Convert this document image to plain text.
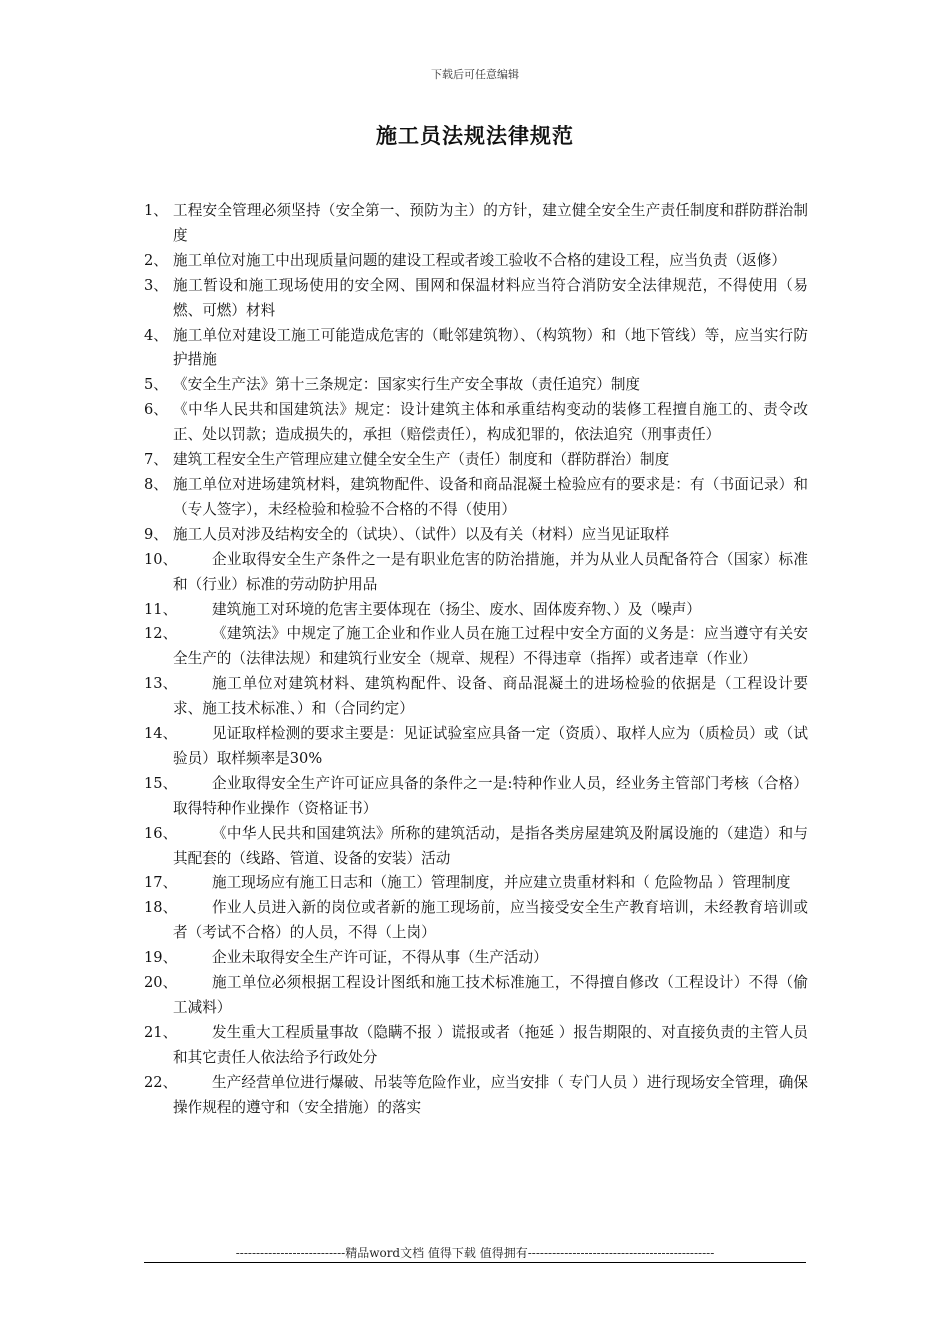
下载后可任意编辑
施工员法规法律规范
1、 工程安全管理必须坚持（安全第一、预防为主）的方针，建立健全安全生产责任制度和群防群治制度
2、 施工单位对施工中出现质量问题的建设工程或者竣工验收不合格的建设工程，应当负责（返修）
3、 施工暂设和施工现场使用的安全网、围网和保温材料应当符合消防安全法律规范，不得使用（易燃、可燃）材料
4、 施工单位对建设工施工可能造成危害的（毗邻建筑物）、（构筑物）和（地下管线）等，应当实行防护措施
5、 《安全生产法》第十三条规定：国家实行生产安全事故（责任追究）制度
6、 《中华人民共和国建筑法》规定：设计建筑主体和承重结构变动的装修工程擅自施工的、责令改正、处以罚款；造成损失的，承担（赔偿责任），构成犯罪的，依法追究（刑事责任）
7、 建筑工程安全生产管理应建立健全安全生产（责任）制度和（群防群治）制度
8、 施工单位对进场建筑材料，建筑物配件、设备和商品混凝土检验应有的要求是：有（书面记录）和（专人签字），未经检验和检验不合格的不得（使用）
9、 施工人员对涉及结构安全的（试块）、（试件）以及有关（材料）应当见证取样
10、	企业取得安全生产条件之一是有职业危害的防治措施，并为从业人员配备符合（国家）标准和（行业）标准的劳动防护用品
11、	建筑施工对环境的危害主要体现在（扬尘、废水、固体废弃物、）及（噪声）
12、	《建筑法》中规定了施工企业和作业人员在施工过程中安全方面的义务是：应当遵守有关安全生产的（法律法规）和建筑行业安全（规章、规程）不得违章（指挥）或者违章（作业）
13、	施工单位对建筑材料、建筑构配件、设备、商品混凝土的进场检验的依据是（工程设计要求、施工技术标准、）和（合同约定）
14、	见证取样检测的要求主要是：见证试验室应具备一定（资质）、取样人应为（质检员）或（试验员）取样频率是30%
15、	企业取得安全生产许可证应具备的条件之一是:特种作业人员，经业务主管部门考核（合格）取得特种作业操作（资格证书）
16、	《中华人民共和国建筑法》所称的建筑活动，是指各类房屋建筑及附属设施的（建造）和与其配套的（线路、管道、设备的安装）活动
17、	施工现场应有施工日志和（施工）管理制度，并应建立贵重材料和（ 危险物品 ）管理制度
18、	作业人员进入新的岗位或者新的施工现场前，应当接受安全生产教育培训，未经教育培训或者（考试不合格）的人员，不得（上岗）
19、	企业未取得安全生产许可证，不得从事（生产活动）
20、	施工单位必须根据工程设计图纸和施工技术标准施工，不得擅自修改（工程设计）不得（偷工减料）
21、	发生重大工程质量事故（隐瞒不报 ）谎报或者（拖延 ）报告期限的、对直接负责的主管人员和其它责任人依法给予行政处分
22、	生产经营单位进行爆破、吊装等危险作业，应当安排（ 专门人员 ）进行现场安全管理，确保操作规程的遵守和（安全措施）的落实
---------------------------精品word文档 值得下载 值得拥有----------------------------------------------
